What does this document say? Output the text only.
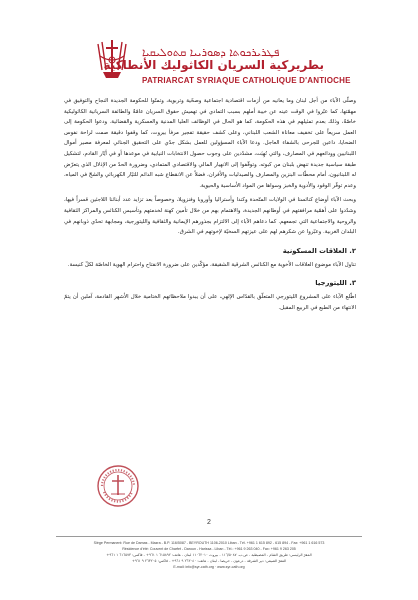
ܦܛܪܝܪܟܘܬܐ ܕܣܘܪܝܝܐ ܩܬܘܠܝܩܝܐ
بطريركية السريان الكاثوليك الأنطاكية
PATRIARCAT SYRIAQUE CATHOLIQUE D'ANTIOCHE

وصلّى الآباء من أجل لبنان وما يعانيه من أزمات اقتصادية اجتماعية وصحّية وتربوية، وتمنّوا للحكومة الجديدة النجاح والتوفيق في مهمّتها، كما عبّروا في الوقت عينه عن خيبة أملهم بسبب التمادي في تهميش حقوق السريان عامّةً والطائفة السريانية الكاثوليكية خاصّةً، وذلك بعدم تمثيلهم في هذه الحكومة، كما هو الحال في الوظائف العليا المدنية والعسكرية والقضائية. ودعوا الحكومة إلى العمل سريعاً على تخفيف معاناة الشعب اللبناني، وعلى كشف حقيقة تفجير مرفأ بيروت، كما وقفوا دقيقة صمت لراحة نفوس الضحايا، داعين للجرحى بالشفاء العاجل. ودعا الآباء المسؤولين للعمل بشكل جدّي على التحقيق الجنائي لمعرفة مصير أموال اللبنانيين وودائعهم في المصارف، والتي نُهِبَت، مشدّدين على وجوب حصول الانتخابات النيابية في موعدها أو في أيّار القادم، لتشكيل طبقة سياسية جديدة تنهض بلبنان من كبوته. وتوقّفوا إلى الانهيار المالي والاقتصادي المتمادي، وضرورة الحدّ من الإذلال الذي يتعرّض له اللبنانيون، أمام محطّات البنزين والمصارف والصيدليات والأفران، فضلاً عن الانقطاع شبه الدائم للتيّار الكهربائي والشحّ في المياه، وعدم توفّر الوقود والأدوية والخبز وسواها من المواد الأساسية والحيوية.

وبحث الآباء أوضاع كنائسنا في الولايات المتّحدة وكندا وأستراليا وأوروبا وفنزويلا، وخصوصاً بعد تزايد عدد أبنائنا اللاجئين قسراً فيها، وشدّدوا على أهمّية مرافقتهم في أوطانهم الجديدة، والاهتمام بهم من خلال تأمين كهنة لخدمتهم وتأسيس الكنائس والمراكز الثقافية والروحية والاجتماعية التي تجمعهم. كما دعاهم الآباء إلى الالتزام بجذورهم الإيمانية والثقافية والليتورجية، ومجابهة تحدّي ذوبانهم في البلدان الغربية. وعبّروا عن شكرهم لهم على عيزتهم السخيّة لإخوتهم في الشرق.

٢. العلاقات المسكونية

تناول الآباء موضوع العلاقات الأخوية مع الكنائس الشرقية الشقيقة، مؤكّدين على ضرورة الانفتاح واحترام الهوية الخاصّة لكلّ كنيسة.

٣. الليتورجيا

اطّلع الآباء على المشروع الليتورجي المتعلّق بالقدّاس الإلهي، على أن يبدوا ملاحظاتهم الختامية خلال الأشهر القادمة، آملين أن يتمّ الانتهاء من الطبع في الربيع المقبل.

2
Siège Permanent: Rue de Damas - Mazra - B.P. 116/5087 - BEYROUTH 1106-2010 Liban - Tél. +961 1 615 892 - 615 894 - Fax: +961 1 616 573
Résidence d'été: Couvent de Charfet - Daroun - Harissa - Liban - Tél.: +961 9 263 040 - Fax: +961 9 263 205
المقرّ الرئيسي: طريق الشام - المصيطبة - ص.ب. ١١٦/٥٠٨٧ - بيروت ١١٠٦٢٠١٠ لبنان - هاتف: ٦١٥٨٩٢ ١ ٩٦١+ - فاكس: ٦١٦٥٧٣ ١ ٩٦١+
المقرّ الصيفي: دير الشرفة - درعون - حريصا - لبنان - هاتف: ٢٦٣٠٤٠ ٩ ٩٦١+ - فاكس: ٢٦٣٢٠٥ ٩ ٩٦١+
E-mail: info@syr-cath.org · www.syr-cath.org
